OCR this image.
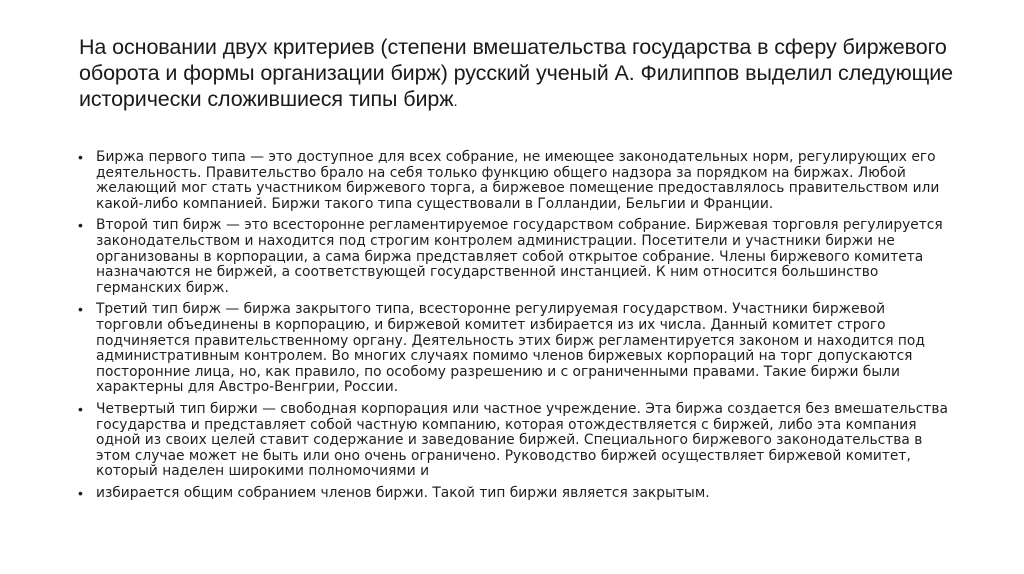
На основании двух критериев (степени вмешательства государства в сферу биржевого оборота и формы организации бирж) русский ученый А. Филиппов выделил следующие исторически сложившиеся типы бирж.
• Биржа первого типа — это доступное для всех собрание, не имеющее законодательных норм, регулирующих его деятельность. Правительство брало на себя только функцию общего надзора за порядком на биржах. Любой желающий мог стать участником биржевого торга, а биржевое помещение предоставлялось правительством или какой-либо компанией. Биржи такого типа существовали в Голландии, Бельгии и Франции.
• Второй тип бирж — это всесторонне регламентируемое государством собрание. Биржевая торговля регулируется законодательством и находится под строгим контролем администрации. Посетители и участники биржи не организованы в корпорации, а сама биржа представляет собой открытое собрание. Члены биржевого комитета назначаются не биржей, а соответствующей государственной инстанцией. К ним относится большинство германских бирж.
• Третий тип бирж — биржа закрытого типа, всесторонне регулируемая государством. Участники биржевой торговли объединены в корпорацию, и биржевой комитет избирается из их числа. Данный комитет строго подчиняется правительственному органу. Деятельность этих бирж регламентируется законом и находится под административным контролем. Во многих случаях помимо членов биржевых корпораций на торг допускаются посторонние лица, но, как правило, по особому разрешению и с ограниченными правами. Такие биржи были характерны для Австро-Венгрии, России.
• Четвертый тип биржи — свободная корпорация или частное учреждение. Эта биржа создается без вмешательства государства и представляет собой частную компанию, которая отождествляется с биржей, либо эта компания одной из своих целей ставит содержание и заведование биржей. Специального биржевого законодательства в этом случае может не быть или оно очень ограничено. Руководство биржей осуществляет биржевой комитет, который наделен широкими полномочиями и
• избирается общим собранием членов биржи. Такой тип биржи является закрытым.
